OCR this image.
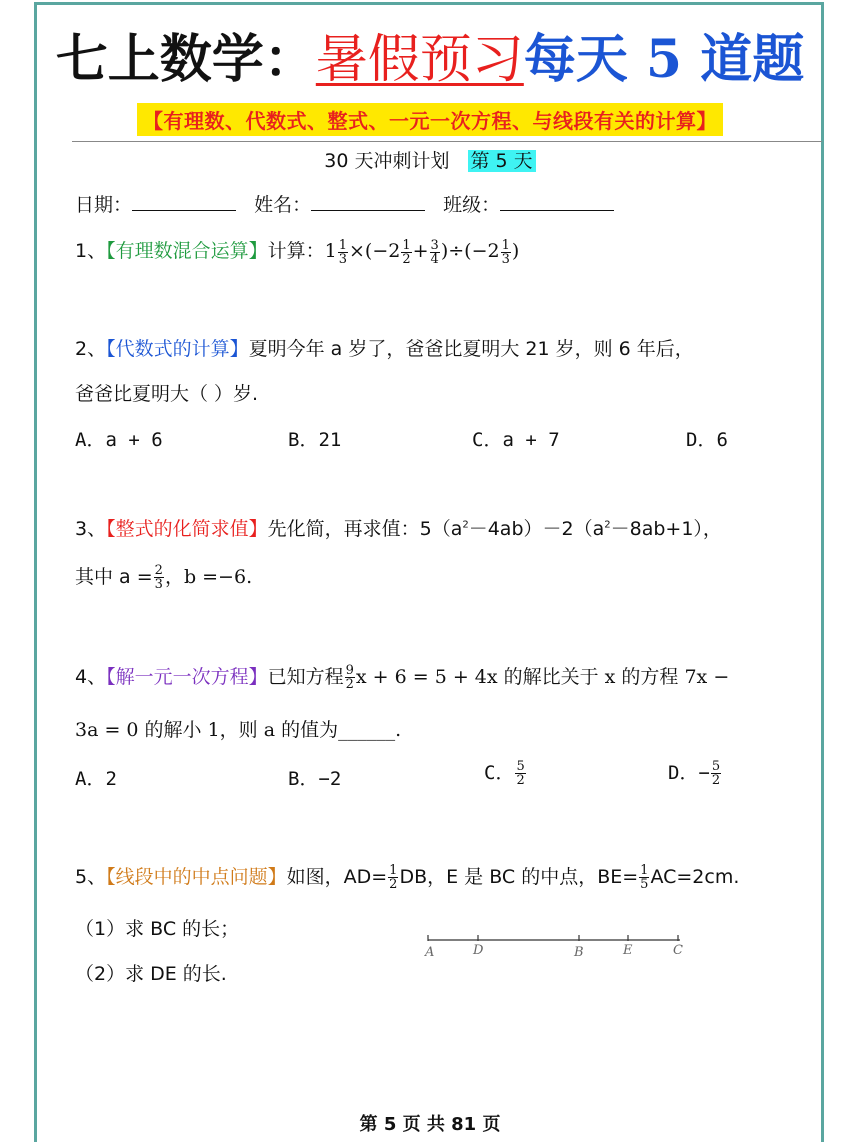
七上数学：暑假预习每天 5 道题
【有理数、代数式、整式、一元一次方程、与线段有关的计算】
30 天冲刺计划 第 5 天
日期：	姓名：	班级：
1、【有理数混合运算】计算：$1 \frac{1}{3} \times(-2 \frac{1}{2} + \frac{3}{4} )\div(-2 \frac{1}{3}$ )
2、【代数式的计算】夏明今年 a 岁了，爸爸比夏明大 21 岁，则 6 年后，
爸爸比夏明大（ ）岁.
A．a + 6	B．21	C．a + 7	D．6
3、【整式的化简求值】先化简，再求值：$5(a^2-4ab)-2(a^2-8ab+1)$，
其中 $a = \frac{2}{3}$ ，b =−6.
4、【解一元一次方程】已知方程 $\frac{9}{2}$ x + 6 = 5 + 4x 的解比关于 x 的方程 7x −
3a = 0 的解小 1，则 a 的值为______.
A．2	B．−2	C． $\frac{5}{2}$	D．− $\frac{5}{2}$
5、【线段中的中点问题】如图，$AD= \frac{1}{2}$ DB，E 是 BC 的中点，$BE= \frac{1}{5} AC=2cm$.
（1）求 BC 的长；
（2）求 DE 的长.
A	D	B	E	C
第 5 页 共 81 页
